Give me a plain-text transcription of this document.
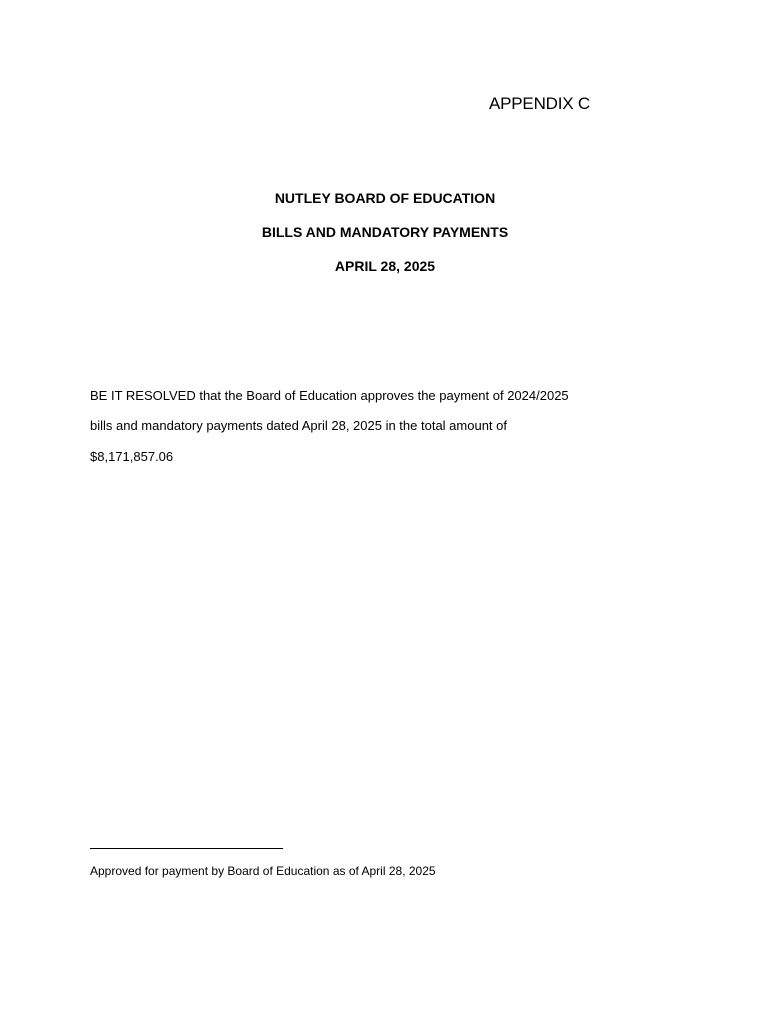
APPENDIX C
NUTLEY BOARD OF EDUCATION
BILLS AND MANDATORY PAYMENTS
APRIL 28, 2025
BE IT RESOLVED that the Board of Education approves the payment of 2024/2025
bills and mandatory payments dated April 28, 2025 in the total amount of
$8,171,857.06
Approved for payment by Board of Education as of April 28, 2025
